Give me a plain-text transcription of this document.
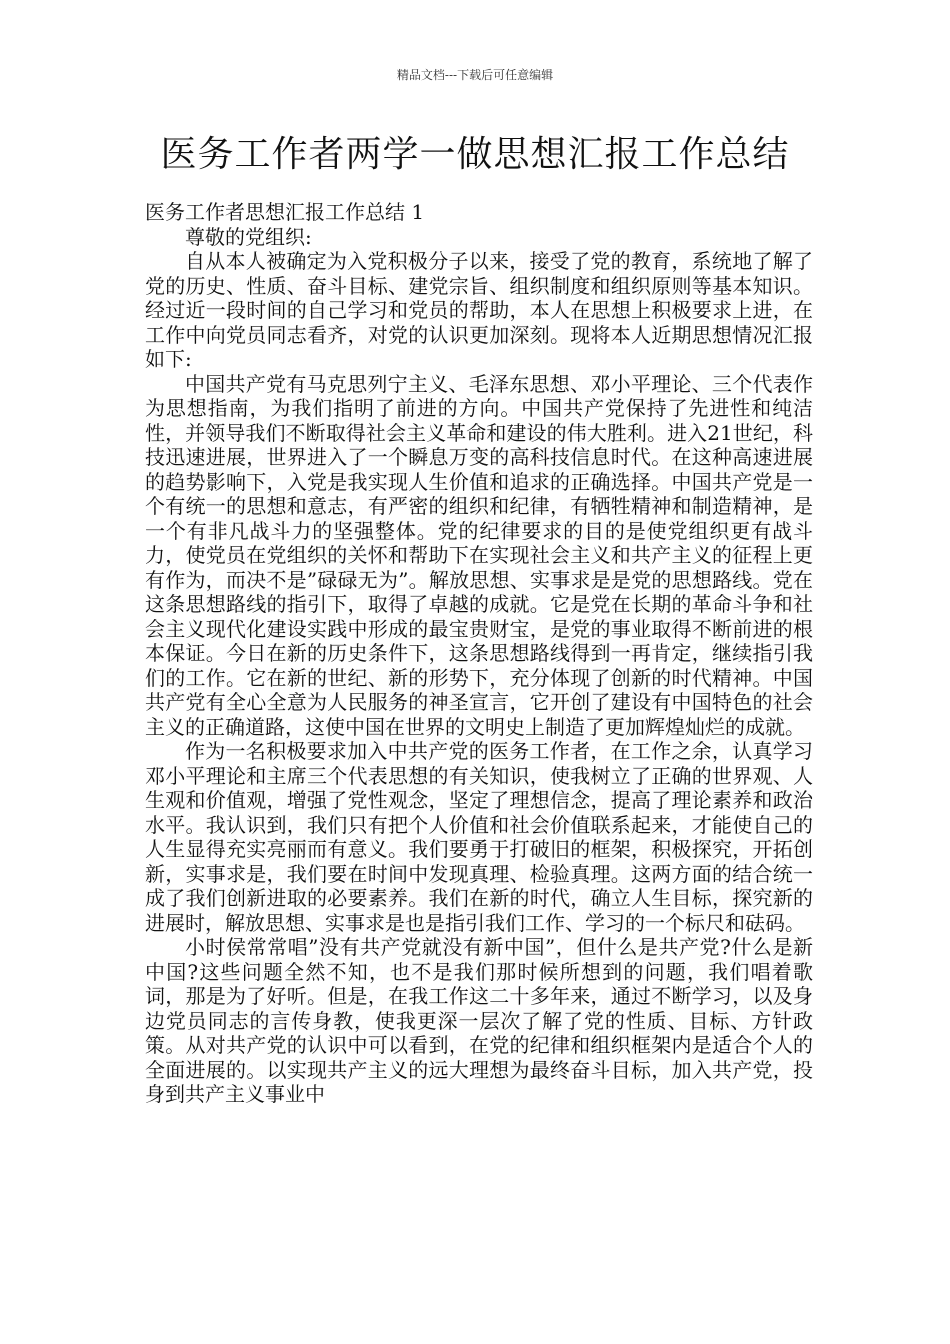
精品文档---下载后可任意编辑
医务工作者两学一做思想汇报工作总结

医务工作者思想汇报工作总结 1

尊敬的党组织:

自从本人被确定为入党积极分子以来，接受了党的教育，系统地了解了党的历史、性质、奋斗目标、建党宗旨、组织制度和组织原则等基本知识。经过近一段时间的自己学习和党员的帮助，本人在思想上积极要求上进，在工作中向党员同志看齐，对党的认识更加深刻。现将本人近期思想情况汇报如下:

中国共产党有马克思列宁主义、毛泽东思想、邓小平理论、三个代表作为思想指南，为我们指明了前进的方向。中国共产党保持了先进性和纯洁性，并领导我们不断取得社会主义革命和建设的伟大胜利。进入21世纪，科技迅速进展，世界进入了一个瞬息万变的高科技信息时代。在这种高速进展的趋势影响下，入党是我实现人生价值和追求的正确选择。中国共产党是一个有统一的思想和意志，有严密的组织和纪律，有牺牲精神和制造精神，是一个有非凡战斗力的坚强整体。党的纪律要求的目的是使党组织更有战斗力，使党员在党组织的关怀和帮助下在实现社会主义和共产主义的征程上更有作为，而决不是”碌碌无为”。解放思想、实事求是是党的思想路线。党在这条思想路线的指引下，取得了卓越的成就。它是党在长期的革命斗争和社会主义现代化建设实践中形成的最宝贵财宝，是党的事业取得不断前进的根本保证。今日在新的历史条件下，这条思想路线得到一再肯定，继续指引我们的工作。它在新的世纪、新的形势下，充分体现了创新的时代精神。中国共产党有全心全意为人民服务的神圣宣言，它开创了建设有中国特色的社会主义的正确道路，这使中国在世界的文明史上制造了更加辉煌灿烂的成就。

作为一名积极要求加入中共产党的医务工作者，在工作之余，认真学习邓小平理论和主席三个代表思想的有关知识，使我树立了正确的世界观、人生观和价值观，增强了党性观念，坚定了理想信念，提高了理论素养和政治水平。我认识到，我们只有把个人价值和社会价值联系起来，才能使自己的人生显得充实亮丽而有意义。我们要勇于打破旧的框架，积极探究，开拓创新，实事求是，我们要在时间中发现真理、检验真理。这两方面的结合统一成了我们创新进取的必要素养。我们在新的时代，确立人生目标，探究新的进展时，解放思想、实事求是也是指引我们工作、学习的一个标尺和砝码。

小时侯常常唱”没有共产党就没有新中国”，但什么是共产党?什么是新中国?这些问题全然不知，也不是我们那时候所想到的问题，我们唱着歌词，那是为了好听。但是，在我工作这二十多年来，通过不断学习，以及身边党员同志的言传身教，使我更深一层次了解了党的性质、目标、方针政策。从对共产党的认识中可以看到，在党的纪律和组织框架内是适合个人的全面进展的。以实现共产主义的远大理想为最终奋斗目标，加入共产党，投身到共产主义事业中
